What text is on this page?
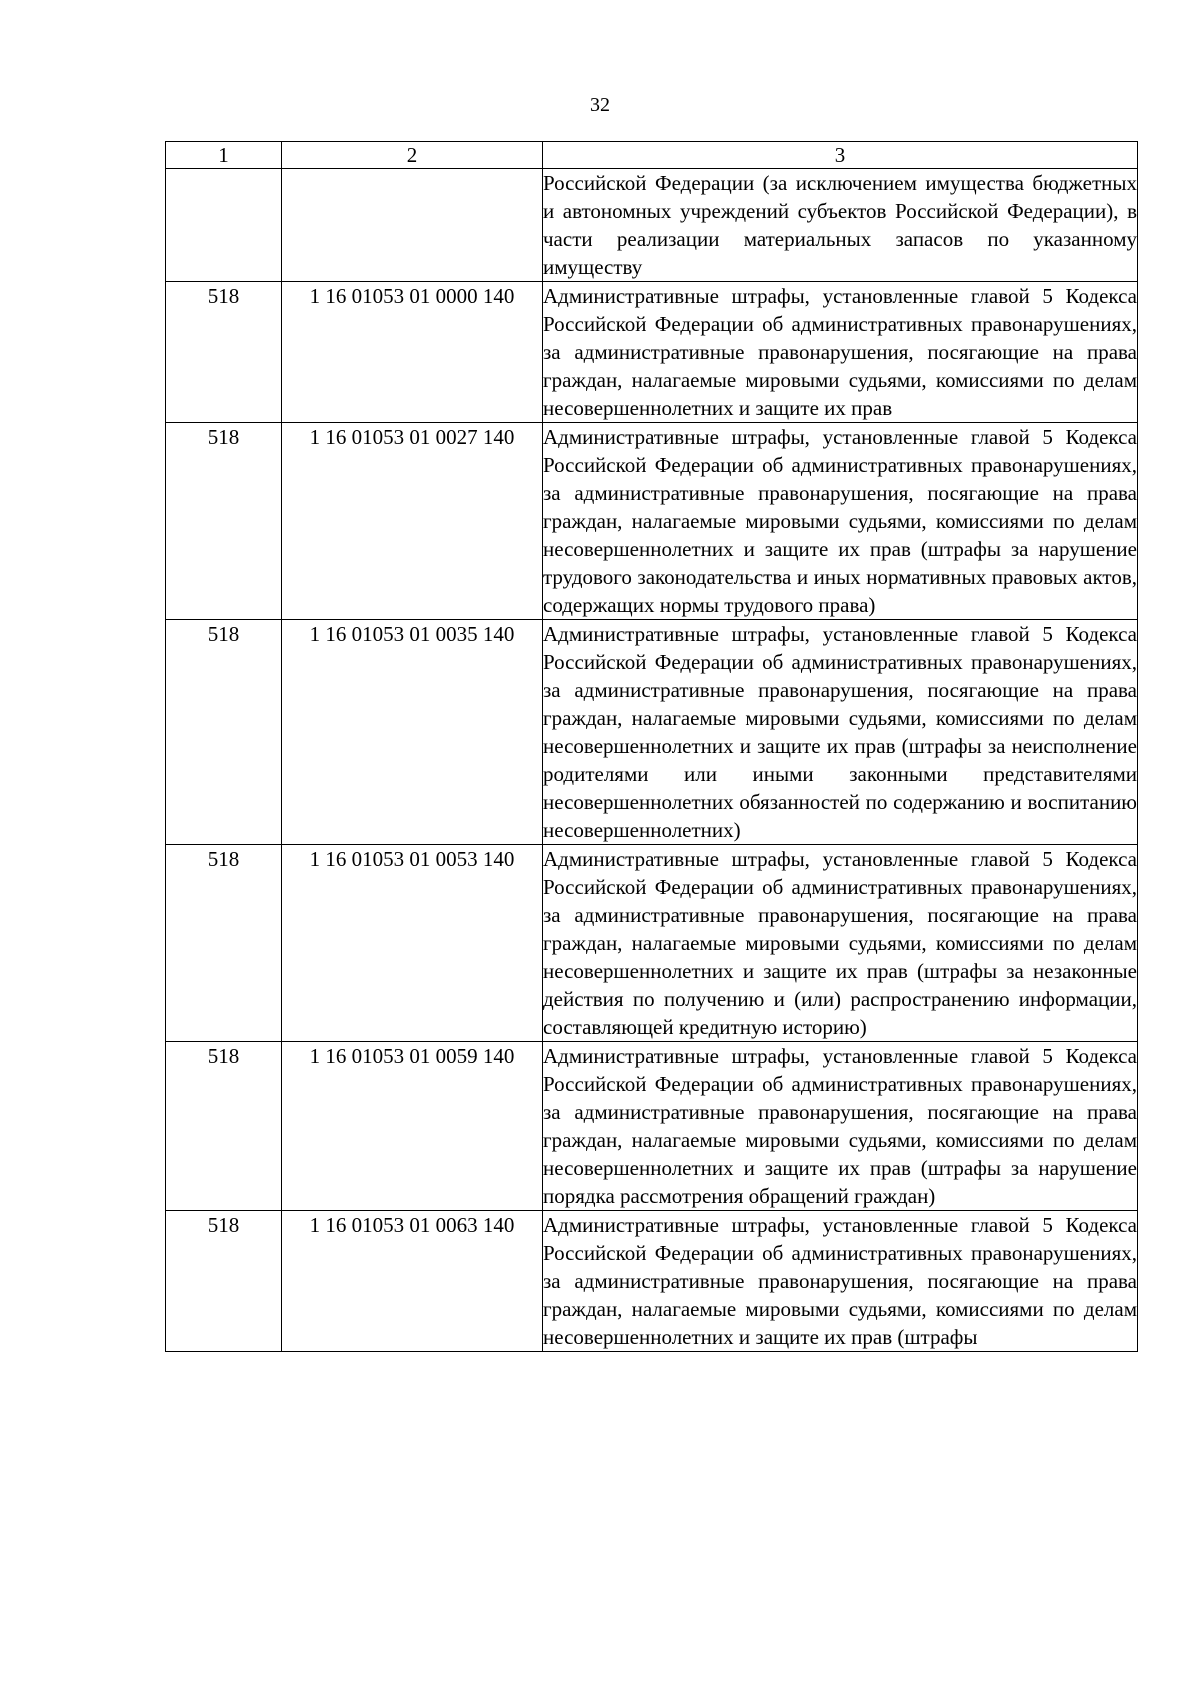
32
1	2	3
		Российской Федерации (за исключением имущества бюджетных и автономных учреждений субъектов Российской Федерации), в части реализации материальных запасов по указанному имуществу
518	1 16 01053 01 0000 140	Административные штрафы, установленные главой 5 Кодекса Российской Федерации об административных правонарушениях, за административные правонарушения, посягающие на права граждан, налагаемые мировыми судьями, комиссиями по делам несовершеннолетних и защите их прав
518	1 16 01053 01 0027 140	Административные штрафы, установленные главой 5 Кодекса Российской Федерации об административных правонарушениях, за административные правонарушения, посягающие на права граждан, налагаемые мировыми судьями, комиссиями по делам несовершеннолетних и защите их прав (штрафы за нарушение трудового законодательства и иных нормативных правовых актов, содержащих нормы трудового права)
518	1 16 01053 01 0035 140	Административные штрафы, установленные главой 5 Кодекса Российской Федерации об административных правонарушениях, за административные правонарушения, посягающие на права граждан, налагаемые мировыми судьями, комиссиями по делам несовершеннолетних и защите их прав (штрафы за неисполнение родителями или иными законными представителями несовершеннолетних обязанностей по содержанию и воспитанию несовершеннолетних)
518	1 16 01053 01 0053 140	Административные штрафы, установленные главой 5 Кодекса Российской Федерации об административных правонарушениях, за административные правонарушения, посягающие на права граждан, налагаемые мировыми судьями, комиссиями по делам несовершеннолетних и защите их прав (штрафы за незаконные действия по получению и (или) распространению информации, составляющей кредитную историю)
518	1 16 01053 01 0059 140	Административные штрафы, установленные главой 5 Кодекса Российской Федерации об административных правонарушениях, за административные правонарушения, посягающие на права граждан, налагаемые мировыми судьями, комиссиями по делам несовершеннолетних и защите их прав (штрафы за нарушение порядка рассмотрения обращений граждан)
518	1 16 01053 01 0063 140	Административные штрафы, установленные главой 5 Кодекса Российской Федерации об административных правонарушениях, за административные правонарушения, посягающие на права граждан, налагаемые мировыми судьями, комиссиями по делам несовершеннолетних и защите их прав (штрафы
